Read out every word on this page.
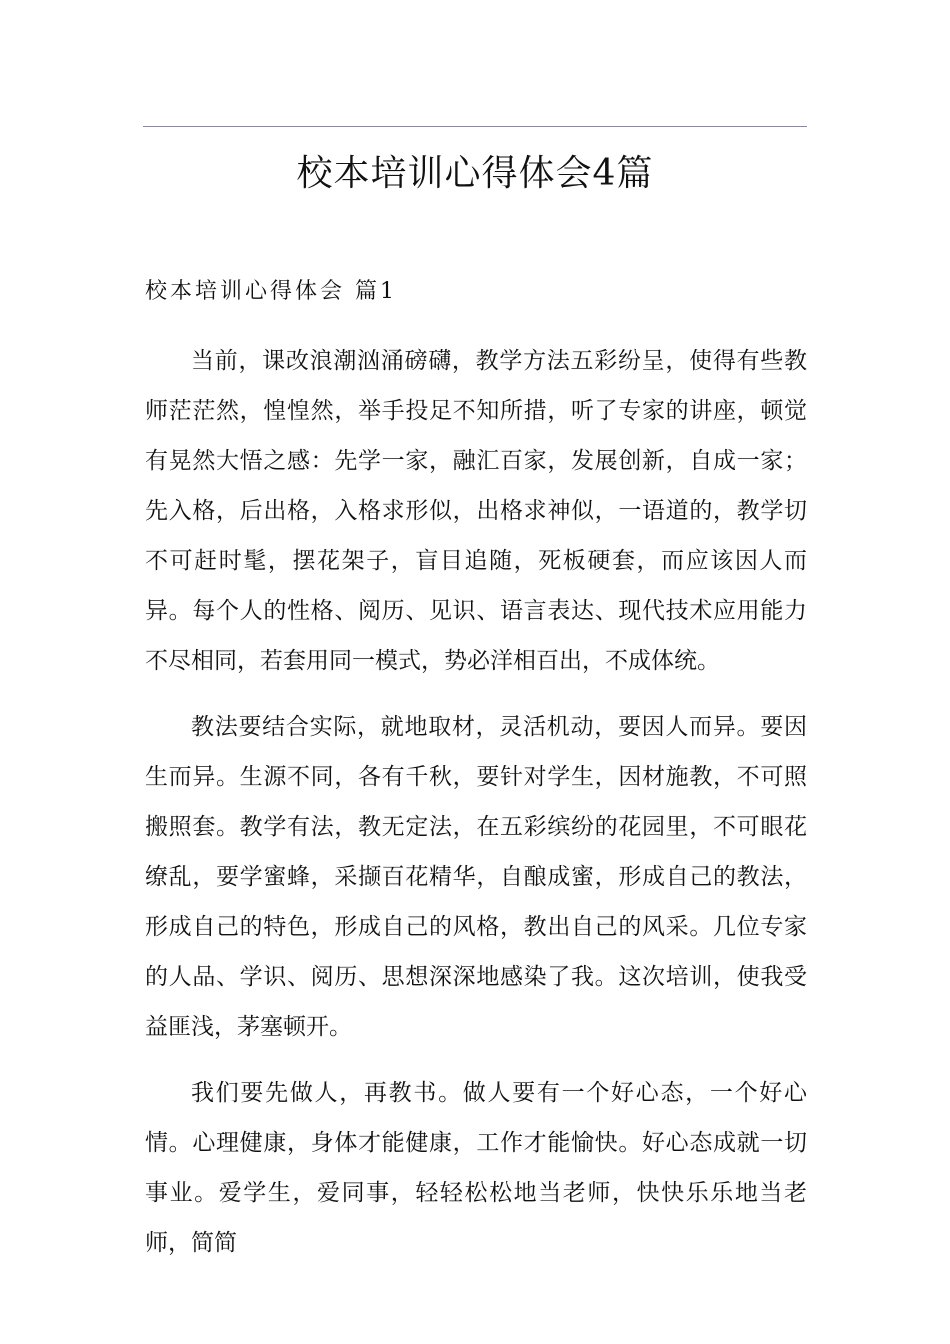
校本培训心得体会4篇
校本培训心得体会 篇1

当前，课改浪潮汹涌磅礴，教学方法五彩纷呈，使得有些教师茫茫然，惶惶然，举手投足不知所措，听了专家的讲座，顿觉有晃然大悟之感：先学一家，融汇百家，发展创新，自成一家；先入格，后出格，入格求形似，出格求神似，一语道的，教学切不可赶时髦，摆花架子，盲目追随，死板硬套，而应该因人而异。每个人的性格、阅历、见识、语言表达、现代技术应用能力不尽相同，若套用同一模式，势必洋相百出，不成体统。

教法要结合实际，就地取材，灵活机动，要因人而异。要因生而异。生源不同，各有千秋，要针对学生，因材施教，不可照搬照套。教学有法，教无定法，在五彩缤纷的花园里，不可眼花缭乱，要学蜜蜂，采撷百花精华，自酿成蜜，形成自己的教法，形成自己的特色，形成自己的风格，教出自己的风采。几位专家的人品、学识、阅历、思想深深地感染了我。这次培训，使我受益匪浅，茅塞顿开。

我们要先做人，再教书。做人要有一个好心态，一个好心情。心理健康，身体才能健康，工作才能愉快。好心态成就一切事业。爱学生，爱同事，轻轻松松地当老师，快快乐乐地当老师，简简
